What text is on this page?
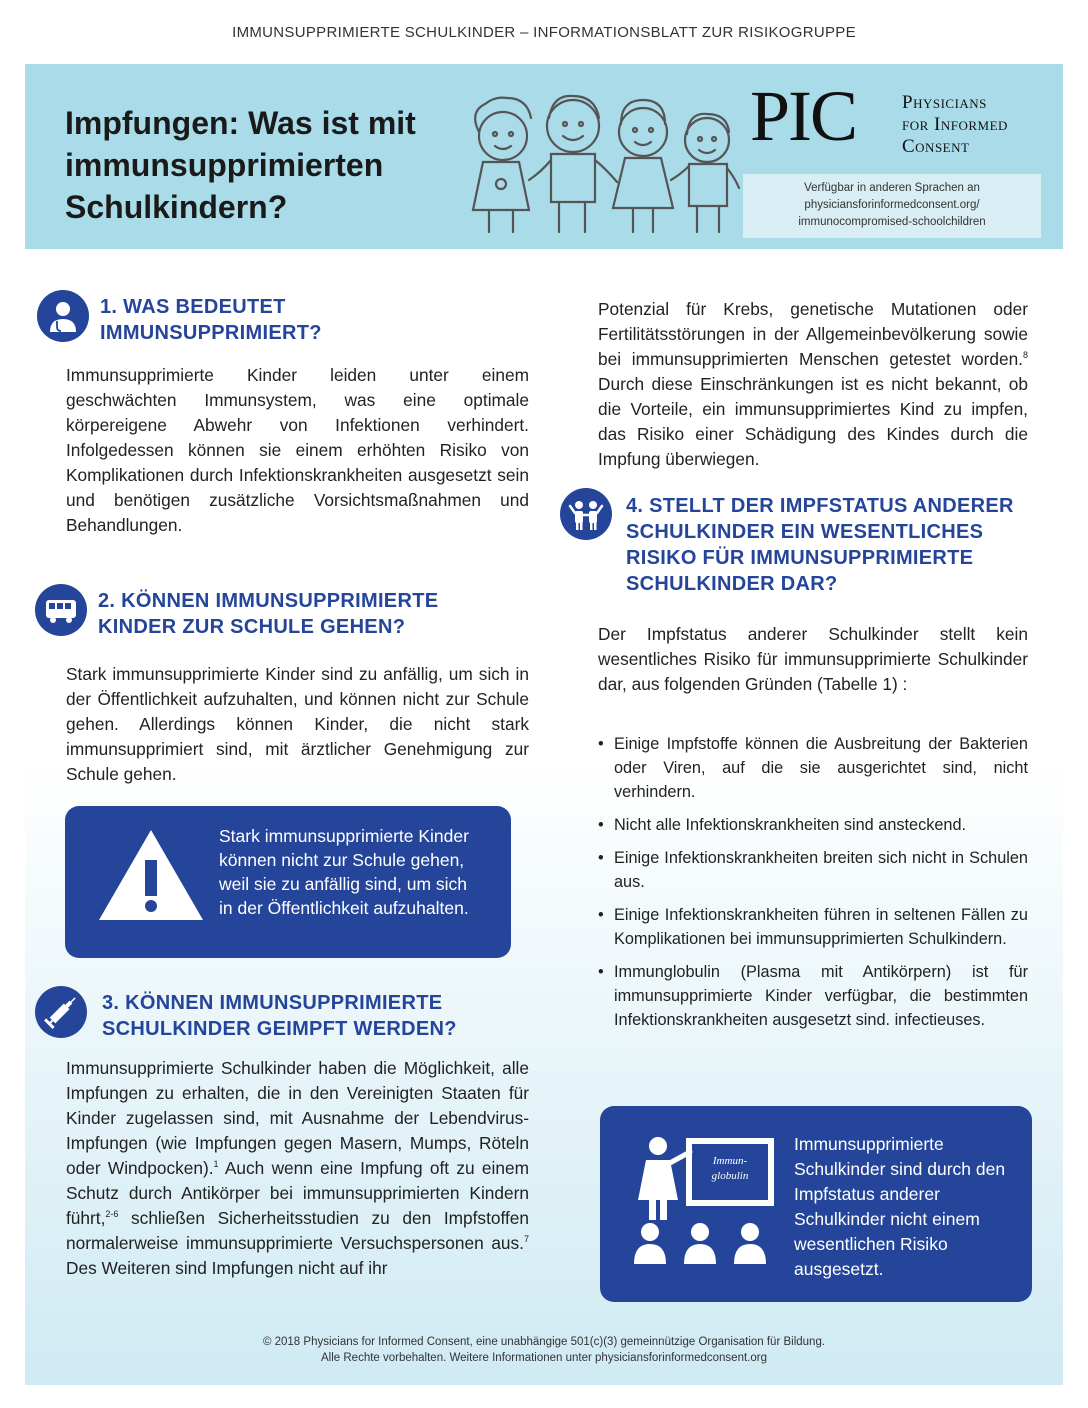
IMMUNSUPPRIMIERTE SCHULKINDER – INFORMATIONSBLATT ZUR RISIKOGRUPPE
Impfungen: Was ist mit immunsupprimierten Schulkindern?
PIC Physicians
for Informed
Consent
Verfügbar in anderen Sprachen an
physiciansforinformedconsent.org/
immunocompromised-schoolchildren
1. WAS BEDEUTET IMMUNSUPPRIMIERT?

Immunsupprimierte Kinder leiden unter einem geschwächten Immunsystem, was eine optimale körpereigene Abwehr von Infektionen verhindert. Infolgedessen können sie einem erhöhten Risiko von Komplikationen durch Infektionskrankheiten ausgesetzt sein und benötigen zusätzliche Vorsichtsmaßnahmen und Behandlungen.

2. KÖNNEN IMMUNSUPPRIMIERTE KINDER ZUR SCHULE GEHEN?

Stark immunsupprimierte Kinder sind zu anfällig, um sich in der Öffentlichkeit aufzuhalten, und können nicht zur Schule gehen. Allerdings können Kinder, die nicht stark immunsupprimiert sind, mit ärztlicher Genehmigung zur Schule gehen.

Stark immunsupprimierte Kinder können nicht zur Schule gehen, weil sie zu anfällig sind, um sich in der Öffentlichkeit aufzuhalten.
3. KÖNNEN IMMUNSUPPRIMIERTE SCHULKINDER GEIMPFT WERDEN?

Immunsupprimierte Schulkinder haben die Möglichkeit, alle Impfungen zu erhalten, die in den Vereinigten Staaten für Kinder zugelassen sind, mit Ausnahme der Lebendvirus-Impfungen (wie Impfungen gegen Masern, Mumps, Röteln oder Windpocken).$^1$ Auch wenn eine Impfung oft zu einem Schutz durch Antikörper bei immunsupprimierten Kindern führt,$^{2-6}$ schließen Sicherheitsstudien zu den Impfstoffen normalerweise immunsupprimierte Versuchspersonen aus.$^7$ Des Weiteren sind Impfungen nicht auf ihr

Potenzial für Krebs, genetische Mutationen oder Fertilitätsstörungen in der Allgemeinbevölkerung sowie bei immunsupprimierten Menschen getestet worden.$^8$ Durch diese Einschränkungen ist es nicht bekannt, ob die Vorteile, ein immunsupprimiertes Kind zu impfen, das Risiko einer Schädigung des Kindes durch die Impfung überwiegen.

4. STELLT DER IMPFSTATUS ANDERER SCHULKINDER EIN WESENTLICHES RISIKO FÜR IMMUNSUPPRIMIERTE SCHULKINDER DAR?

Der Impfstatus anderer Schulkinder stellt kein wesentliches Risiko für immunsupprimierte Schulkinder dar, aus folgenden Gründen (Tabelle 1) :

• Einige Impfstoffe können die Ausbreitung der Bakterien oder Viren, auf die sie ausgerichtet sind, nicht verhindern.
• Nicht alle Infektionskrankheiten sind ansteckend.
• Einige Infektionskrankheiten breiten sich nicht in Schulen aus.
• Einige Infektionskrankheiten führen in seltenen Fällen zu Komplikationen bei immunsupprimierten Schulkindern.
• Immunglobulin (Plasma mit Antikörpern) ist für immunsupprimierte Kinder verfügbar, die bestimmten Infektionskrankheiten ausgesetzt sind. infectieuses.
Immun-
globulin
Immunsupprimierte Schulkinder sind durch den Impfstatus anderer Schulkinder nicht einem wesentlichen Risiko ausgesetzt.
© 2018 Physicians for Informed Consent, eine unabhängige 501(c)(3) gemeinnützige Organisation für Bildung.
Alle Rechte vorbehalten. Weitere Informationen unter physiciansforinformedconsent.org
